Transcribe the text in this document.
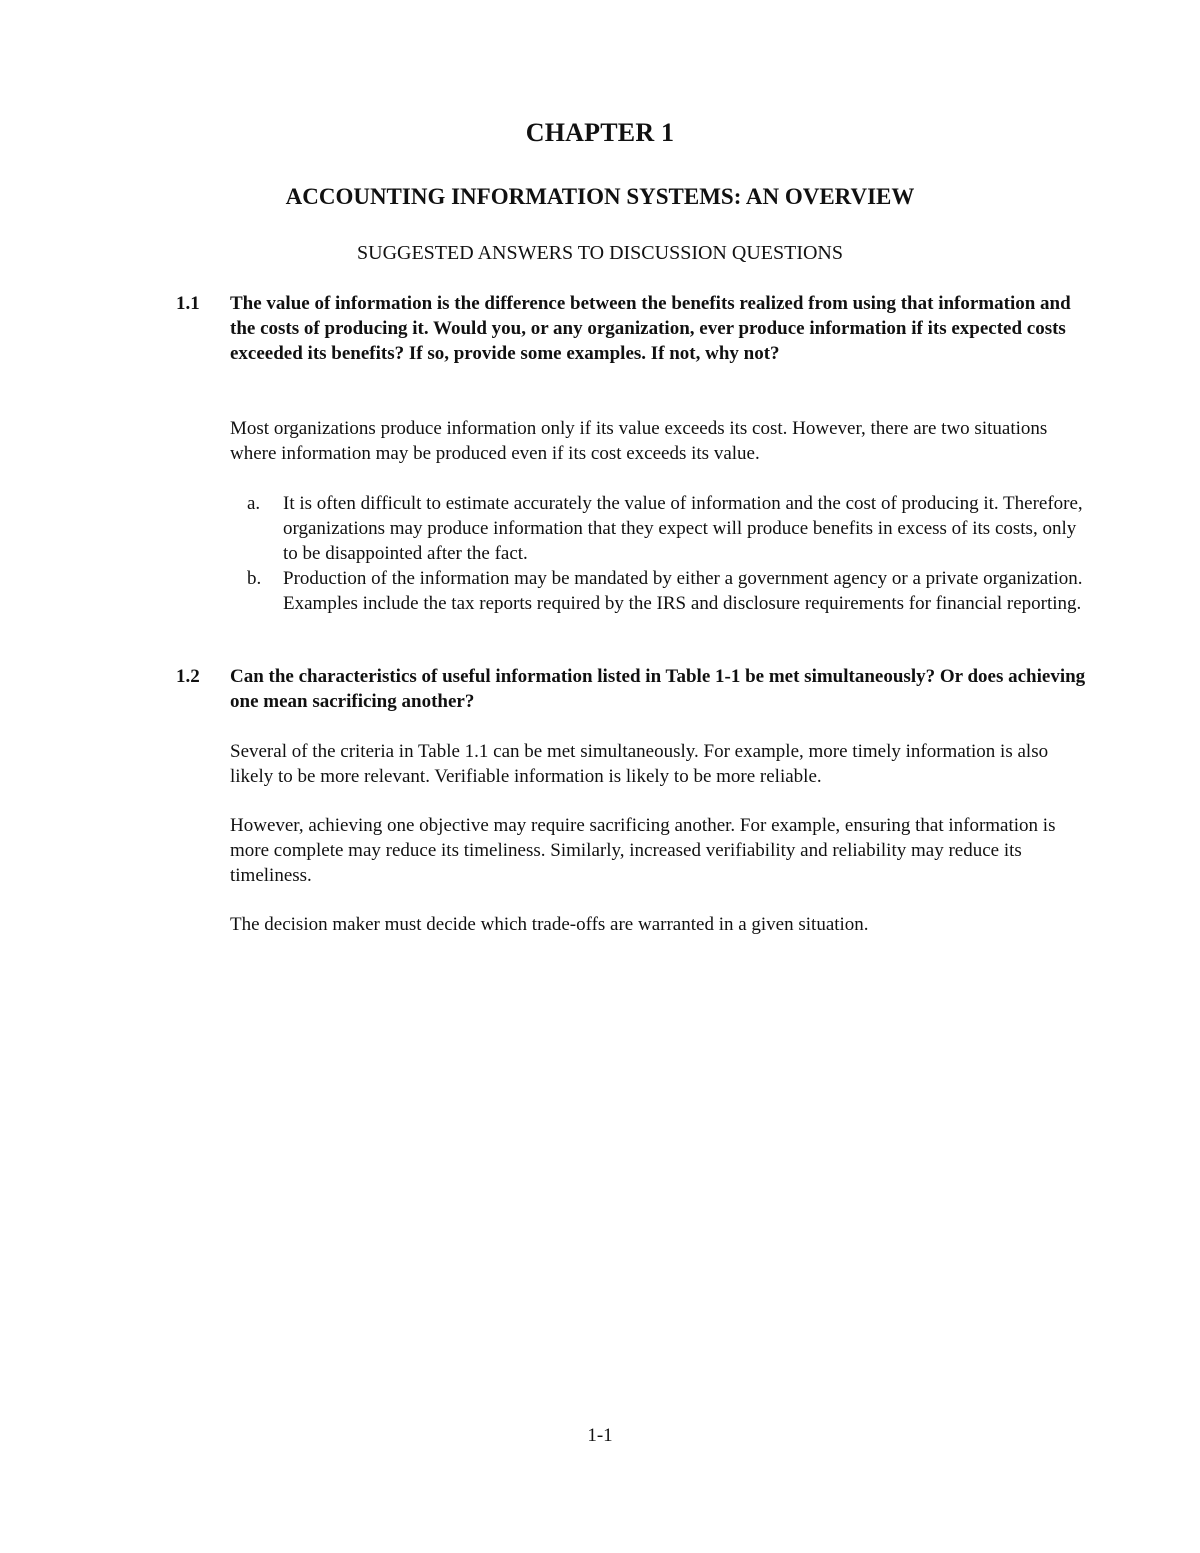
CHAPTER 1
ACCOUNTING INFORMATION SYSTEMS: AN OVERVIEW
SUGGESTED ANSWERS TO DISCUSSION QUESTIONS
1.1 The value of information is the difference between the benefits realized from using that information and the costs of producing it. Would you, or any organization, ever produce information if its expected costs exceeded its benefits? If so, provide some examples. If not, why not?
Most organizations produce information only if its value exceeds its cost. However, there are two situations where information may be produced even if its cost exceeds its value.
a. It is often difficult to estimate accurately the value of information and the cost of producing it. Therefore, organizations may produce information that they expect will produce benefits in excess of its costs, only to be disappointed after the fact.
b. Production of the information may be mandated by either a government agency or a private organization. Examples include the tax reports required by the IRS and disclosure requirements for financial reporting.
1.2 Can the characteristics of useful information listed in Table 1-1 be met simultaneously? Or does achieving one mean sacrificing another?
Several of the criteria in Table 1.1 can be met simultaneously. For example, more timely information is also likely to be more relevant. Verifiable information is likely to be more reliable.
However, achieving one objective may require sacrificing another. For example, ensuring that information is more complete may reduce its timeliness. Similarly, increased verifiability and reliability may reduce its timeliness.
The decision maker must decide which trade-offs are warranted in a given situation.
1-1
